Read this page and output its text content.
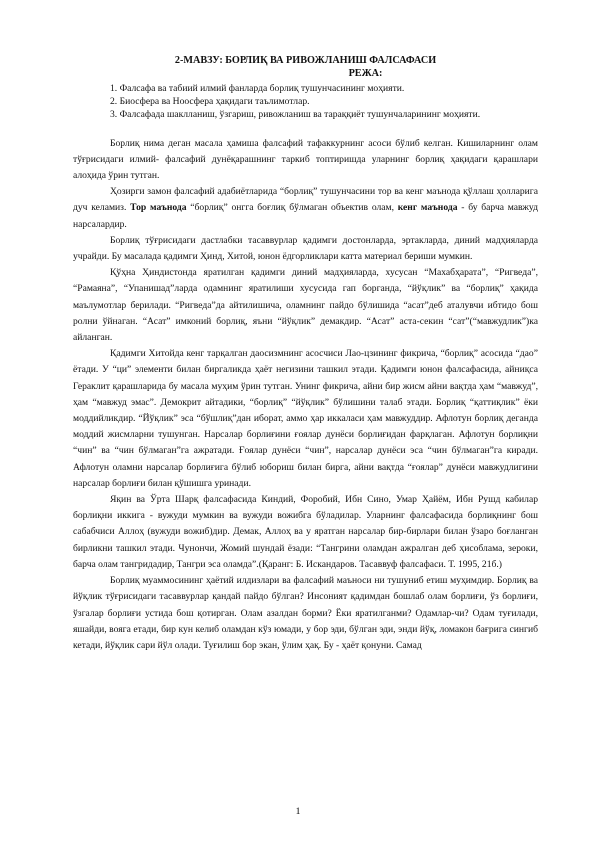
2-МАВЗУ: БОРЛИҚ ВА РИВОЖЛАНИШ ФАЛСАФАСИ

РЕЖА:

1. Фалсафа ва табиий илмий фанларда борлиқ тушунчасининг моҳияти.
2. Биосфера ва Ноосфера ҳақидаги таълимотлар.
3. Фалсафада шаклланиш, ўзгариш, ривожланиш ва тараққиёт тушунчаларининг моҳияти.

Борлиқ нима деган масала ҳамиша фалсафий тафаккурнинг асоси бўлиб келган. Кишиларнинг олам тўғрисидаги илмий- фалсафий дунёқарашнинг таркиб топтиришда уларнинг борлиқ ҳақидаги қарашлари алоҳида ўрин тутган.

Ҳозирги замон фалсафий адабиётларида “борлиқ” тушунчасини тор ва кенг маънода қўллаш ҳолларига дуч келамиз. Тор маънода “борлиқ” онгга боғлиқ бўлмаган объектив олам, кенг маънода - бу барча мавжуд нарсалардир.

Борлиқ тўғрисидаги дастлабки тасаввурлар қадимги достонларда, эртакларда, диний мадҳияларда учрайди. Бу масалада қадимги Ҳинд, Хитой, юнон ёдгорликлари катта материал бериши мумкин.

Қўҳна Ҳиндистонда яратилган қадимги диний мадҳияларда, хусусан “Махабҳарата”, “Ригведа”, “Рамаяна”, “Упанишад”ларда одамнинг яратилиши хусусида гап борганда, “йўқлик” ва “борлиқ” ҳақида маълумотлар берилади. “Ригведа”да айтилишича, оламнинг пайдо бўлишида “асат”деб аталувчи ибтидо бош ролни ўйнаган. “Асат” имконий борлиқ, яъни “йўқлик” демакдир. “Асат” аста-секин “сат”(“мавжудлик”)ка айланган.

Қадимги Хитойда кенг тарқалган даосизмнинг асосчиси Лао-цзининг фикрича, “борлиқ” асосида “дао” ётади. У “ци” элементи билан биргаликда ҳаёт негизини ташкил этади. Қадимги юнон фалсафасида, айниқса Гераклит қарашларида бу масала муҳим ўрин тутган. Унинг фикрича, айни бир жисм айни вақтда ҳам “мавжуд”, ҳам “мавжуд эмас”. Демокрит айтадики, “борлиқ” “йўқлик” бўлишини талаб этади. Борлиқ “қаттиқлик” ёки моддийликдир. “Йўқлик” эса “бўшлиқ”дан иборат, аммо ҳар иккаласи ҳам мавжуддир. Афлотун борлиқ деганда моддий жисмларни тушунган. Нарсалар борлиғини ғоялар дунёси борлиғидан фарқлаган. Афлотун борлиқни “чин” ва “чин бўлмаган”га ажратади. Ғоялар дунёси “чин”, нарсалар дунёси эса “чин бўлмаган”га киради. Афлотун оламни нарсалар борлиғига бўлиб юбориш билан бирга, айни вақтда “ғоялар” дунёси мавжудлигини нарсалар борлиғи билан қўшишга уринади.

Яқин ва Ўрта Шарқ фалсафасида Киндий, Форобий, Ибн Сино, Умар Ҳайём, Ибн Рушд кабилар борлиқни иккига - вужуди мумкин ва вужуди вожибга бўладилар. Уларнинг фалсафасида борлиқнинг бош сабабчиси Аллоҳ (вужуди вожиб)дир. Демак, Аллоҳ ва у яратган нарсалар бир-бирлари билан ўзаро боғланган бирликни ташкил этади. Чунончи, Жомий шундай ёзади: “Тангрини оламдан ажралган деб ҳисоблама, зероки, барча олам тангридадир, Тангри эса оламда”.(Қаранг: Б. Искандаров. Тасаввуф фалсафаси. Т. 1995, 21б.)

Борлиқ муаммосининг ҳаётий илдизлари ва фалсафий маъноси ни тушуниб етиш муҳимдир. Борлиқ ва йўқлик тўғрисидаги тасаввурлар қандай пайдо бўлган? Инсоният қадимдан бошлаб олам борлиғи, ўз борлиғи, ўзгалар борлиғи устида бош қотирган. Олам азалдан борми? Ёки яратилганми? Одамлар-чи? Одам туғилади, яшайди, вояга етади, бир кун келиб оламдан кўз юмади, у бор эди, бўлган эди, энди йўқ, ломакон бағрига сингиб кетади, йўқлик сари йўл олади. Туғилиш бор экан, ўлим ҳақ. Бу - ҳаёт қонуни. Самад

1
